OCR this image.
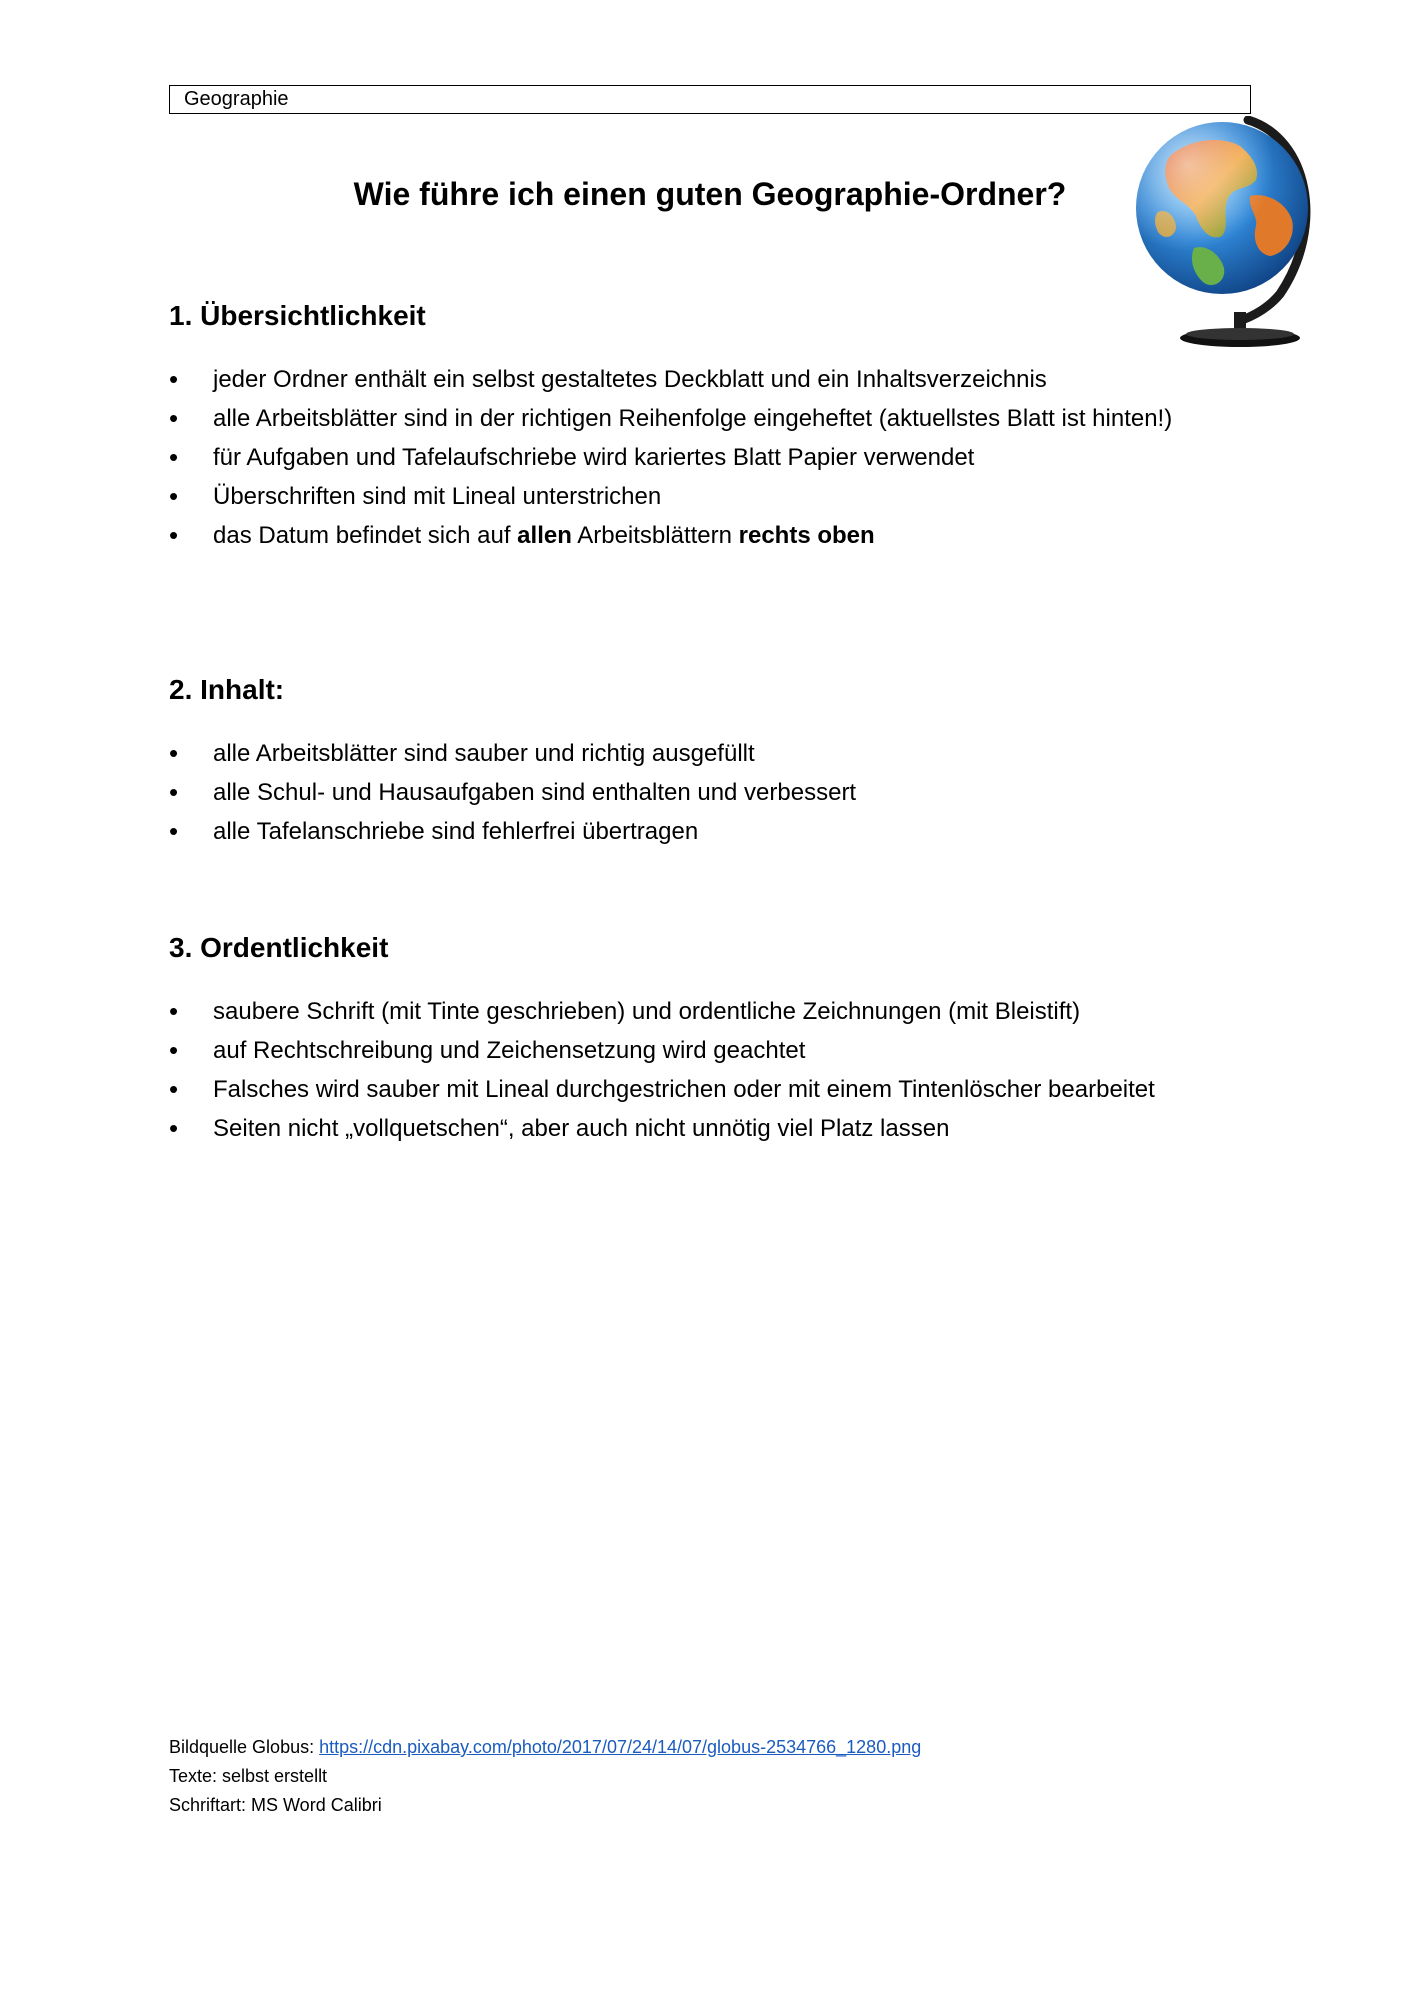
Geographie
Wie führe ich einen guten Geographie-Ordner?
1. Übersichtlichkeit
• jeder Ordner enthält ein selbst gestaltetes Deckblatt und ein Inhaltsverzeichnis
• alle Arbeitsblätter sind in der richtigen Reihenfolge eingeheftet (aktuellstes Blatt ist hinten!)
• für Aufgaben und Tafelaufschriebe wird kariertes Blatt Papier verwendet
• Überschriften sind mit Lineal unterstrichen
• das Datum befindet sich auf allen Arbeitsblättern rechts oben
2. Inhalt:
• alle Arbeitsblätter sind sauber und richtig ausgefüllt
• alle Schul- und Hausaufgaben sind enthalten und verbessert
• alle Tafelanschriebe sind fehlerfrei übertragen
3. Ordentlichkeit
• saubere Schrift (mit Tinte geschrieben) und ordentliche Zeichnungen (mit Bleistift)
• auf Rechtschreibung und Zeichensetzung wird geachtet
• Falsches wird sauber mit Lineal durchgestrichen oder mit einem Tintenlöscher bearbeitet
• Seiten nicht „vollquetschen“, aber auch nicht unnötig viel Platz lassen
Bildquelle Globus: https://cdn.pixabay.com/photo/2017/07/24/14/07/globus-2534766_1280.png
Texte: selbst erstellt
Schriftart: MS Word Calibri
